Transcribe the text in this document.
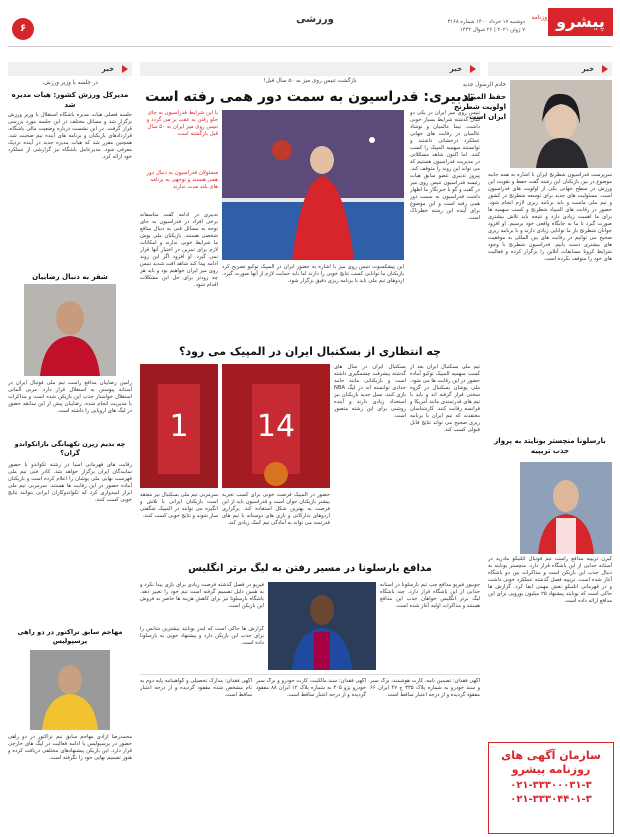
پیشرو
روزنامه
دوشنبه ۱۷ خرداد ۱۴۰۰ شماره ۳۱۶۸
۷ ژوئن ۲۰۲۱ | ۲۶ شوال ۱۴۴۲
ورزشی
۶
خبر
خادم الرسول جدید
حفظ المپیاد اولویت شطرنج ایران است
سرپرست فدراسیون شطرنج ایران با اشاره به همه جانبه موضوع در بین بازیکنان این رشته گفت حفظ و تقویت این ورزش در سطح جهانی یکی از اولویت های فدراسیون است. مسئولیت های جدید برای توسعه شطرنج در کشور و تیم ملی ماست و باید برنامه ریزی لازم انجام شود. حضور در رقابت های المپیاد شطرنج و کسب سهمیه ها برای ما اهمیت زیادی دارد و نتیجه باید تلاش بیشتری صورت گیرد تا ما به جایگاه واقعی خود برسیم. او افزود جوانان شطرنج باز ما توانایی زیادی دارند و با برنامه ریزی صحیح می توانیم در رقابت های بین المللی به موفقیت های بیشتری دست یابیم. فدراسیون شطرنج با وجود شرایط کرونا مسابقات آنلاین را برگزار کرده و فعالیت های خود را متوقف نکرده است.
بارسلونا منچستر یونایتد به پرواز جذب تریپیه
کیرن تریپیه مدافع راست تیم فوتبال اتلتیکو مادرید در آستانه جدایی از این باشگاه قرار دارد. منچستر یونایتد به دنبال جذب این بازیکن است و مذاکرات بین دو باشگاه آغاز شده است. تریپیه فصل گذشته عملکرد خوبی داشت و در قهرمانی اتلتیکو نقش مهمی ایفا کرد. گزارش ها حاکی است که یونایتد پیشنهاد ۲۵ میلیون یورویی برای این مدافع ارائه داده است.
سازمان آگهی های روزنامه پیشرو
۰۲۱-۳۳۳۰۰۰۳۱-۳
۰۲۱-۳۳۳۰۴۴۰۱-۳
خبر
بازگشت تنیس روی میز به ۵۰ سال قبل!
تدبیری: فدراسیون به سمت دور همی رفته است
تنیس روی میز ایران در یکی دو سال گذشته شرایط بسیار خوبی داشت. نیما عالمیان و نوشاد عالمیان در رقابت های جهانی عملکرد درخشانی داشتند و توانستند سهمیه المپیک را کسب کنند. اما اکنون شاهد مشکلاتی در مدیریت فدراسیون هستیم که می تواند این روند را متوقف کند. پیروز تدبیری عضو سابق هیات رئیسه فدراسیون تنیس روی میز در گفت و گو با خبرنگار ما اظهار داشت فدراسیون به سمت دور همی رفته است و این موضوع برای آینده این رشته خطرناک است.
با این شرایط فدراسیون به جای جلو رفتن به عقب بر می گردد و تنیس روی میز ایران به ۵۰ سال قبل بازگشته است
مسئولان فدراسیون به دنبال دور همی هستند و توجهی به برنامه های بلند مدت ندارند
تدبیری در ادامه گفت متاسفانه برخی افراد در فدراسیون به جای توجه به مسائل فنی به دنبال منافع شخصی هستند. بازیکنان ملی پوش ما شرایط خوبی ندارند و امکانات لازم برای تمرین در اختیار آنها قرار نمی گیرد. او افزود اگر این روند ادامه پیدا کند شاهد افت شدید تنیس روی میز ایران خواهیم بود و باید هر چه زودتر برای حل این مشکلات اقدام شود.
این پیشکسوت تنیس روی میز با اشاره به حضور ایران در المپیک توکیو تصریح کرد بازیکنان ما توانایی کسب نتایج خوبی را دارند اما باید حمایت لازم از آنها صورت گیرد. اردوهای تیم ملی باید با برنامه ریزی دقیق برگزار شود.
خبر
در جلسه با وزیر ورزش:
مدیرکل ورزش کشور: هیات مدیره شد
جلسه فصلی هیات مدیره باشگاه استقلال با وزیر ورزش برگزار شد و مسائل مختلف در این جلسه مورد بررسی قرار گرفت. در این نشست درباره وضعیت مالی باشگاه، قراردادهای بازیکنان و برنامه های آینده تیم صحبت شد. همچنین مقرر شد که هیات مدیره جدید در آینده نزدیک معرفی شود. مدیرعامل باشگاه نیز گزارشی از عملکرد خود ارائه کرد.
شفر به دنبال رضاییان
رامین رضاییان مدافع راست تیم ملی فوتبال ایران در آستانه پیوستن به استقلال قرار دارد. مربی آلمانی استقلال خواستار جذب این بازیکن شده است و مذاکرات با مدیریت انجام شده. رضاییان پیش از این سابقه حضور در لیگ های اروپایی را داشته است.
چه بدیم زیرن تکهیانگی بازاتکواندو گران؟
رقابت های قهرمانی آسیا در رشته تکواندو با حضور نمایندگان ایران برگزار خواهد شد. کادر فنی تیم ملی فهرست نهایی ملی پوشان را اعلام کرده است و بازیکنان آماده حضور در این رقابت ها هستند. سرمربی تیم ملی ابراز امیدواری کرد که تکواندوکاران ایرانی بتوانند نتایج خوبی کسب کنند.
مهاجم سابق تراکتور در دو راهی پرسپولیس
محمدرضا آزادی مهاجم سابق تیم تراکتور در دو راهی حضور در پرسپولیس یا ادامه فعالیت در لیگ های خارجی قرار دارد. این بازیکن پیشنهادهای مختلفی دریافت کرده و هنوز تصمیم نهایی خود را نگرفته است.
چه انتظاری از بسکتبال ایران در المپیک می رود؟
تیم ملی بسکتبال ایران بعد از کسب سهمیه المپیک توکیو آماده حضور در این رقابت ها می شود. ملی پوشان بسکتبال در گروه سختی قرار گرفته اند و باید با تیم های قدرتمندی مانند آمریکا و فرانسه رقابت کنند. کارشناسان معتقدند که تیم ایران با برنامه ریزی صحیح می تواند نتایج قابل قبولی کسب کند.
بسکتبال ایران در سال های گذشته پیشرفت چشمگیری داشته است و بازیکنانی مانند حامد حدادی توانسته اند در لیگ NBA بازی کنند. نسل جدید بازیکنان نیز استعداد زیادی دارند و آینده روشنی برای این رشته متصور است.
14
1
حضور در المپیک فرصت خوبی برای کسب تجربه بیشتر بازیکنان جوان است و فدراسیون باید از این فرصت به بهترین شکل استفاده کند. برگزاری اردوهای تدارکاتی و بازی های دوستانه با تیم های قدرتمند می تواند به آمادگی تیم کمک زیادی کند.
سرمربی تیم ملی بسکتبال نیز معتقد است بازیکنان ایرانی با تلاش و انگیزه می توانند در المپیک شگفتی ساز شوند و نتایج خوبی کسب کنند.
مدافع بارسلونا در مسیر رفتن به لیگ برتر انگلیس
جونیور فیرپو مدافع چپ تیم بارسلونا در آستانه جدایی از این باشگاه قرار دارد. چند باشگاه لیگ برتر انگلیس خواهان جذب این مدافع هستند و مذاکرات اولیه آغاز شده است.
فیرپو در فصل گذشته فرصت زیادی برای بازی پیدا نکرد و به همین دلیل تصمیم گرفته است تیم خود را تغییر دهد. باشگاه بارسلونا نیز برای کاهش هزینه ها حاضر به فروش این بازیکن است.
گزارش ها حاکی است که لیدز یونایتد بیشترین شانس را برای جذب این بازیکن دارد و پیشنهاد خوبی به بارسلونا داده است.
آگهی فقدان: تضمین نامه، کارت هوشمند، برگ سبز و سند خودرو به شماره پلاک ۳۳۵ ج ۴۷ ایران ۶۶ مفقود گردیده و از درجه اعتبار ساقط است.
آگهی فقدان: سند مالکیت، کارت خودرو و برگ سبز خودرو پژو ۴۰۵ به شماره پلاک ۱۲ ایران ۸۸ مفقود گردیده و از درجه اعتبار ساقط است.
آگهی فقدان: مدارک تحصیلی و گواهینامه پایه دوم به نام مشخص شده مفقود گردیده و از درجه اعتبار ساقط است.
